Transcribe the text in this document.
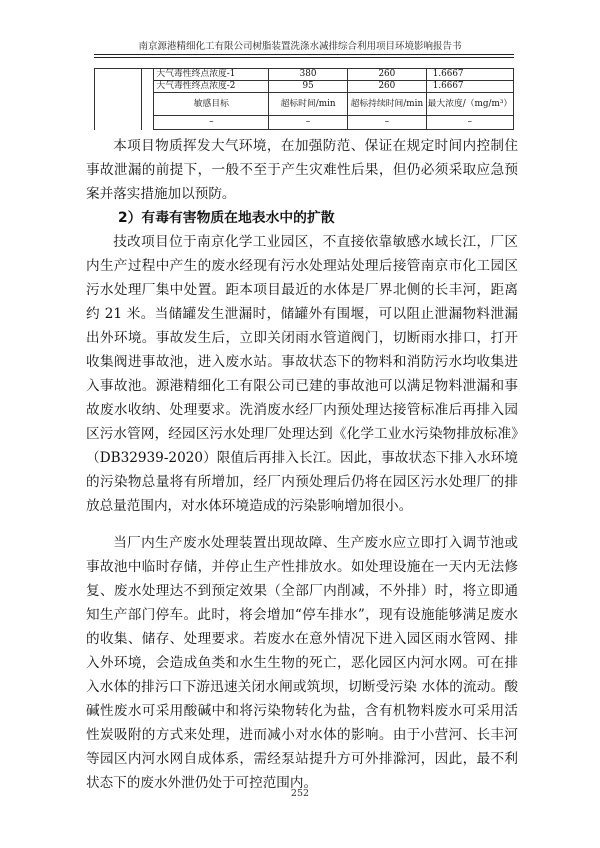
南京源港精细化工有限公司树脂装置洗涤水减排综合利用项目环境影响报告书
		大气毒性终点浓度-1	380	260	1.6667
		大气毒性终点浓度-2	95	260	1.6667
		敏感目标	超标时间/min	超标持续时间/min	最大浓度/（mg/m³）
		–	–	–	–

本项目物质挥发大气环境，在加强防范、保证在规定时间内控制住事故泄漏的前提下，一般不至于产生灾难性后果，但仍必须采取应急预案并落实措施加以预防。

2）有毒有害物质在地表水中的扩散

技改项目位于南京化学工业园区，不直接依靠敏感水域长江，厂区内生产过程中产生的废水经现有污水处理站处理后接管南京市化工园区污水处理厂集中处置。距本项目最近的水体是厂界北侧的长丰河，距离约 21 米。当储罐发生泄漏时，储罐外有围堰，可以阻止泄漏物料泄漏出外环境。事故发生后，立即关闭雨水管道阀门，切断雨水排口，打开收集阀进事故池，进入废水站。事故状态下的物料和消防污水均收集进入事故池。源港精细化工有限公司已建的事故池可以满足物料泄漏和事故废水收纳、处理要求。洗消废水经厂内预处理达接管标准后再排入园区污水管网，经园区污水处理厂处理达到《化学工业水污染物排放标准》（DB32939-2020）限值后再排入长江。因此，事故状态下排入水环境的污染物总量将有所增加，经厂内预处理后仍将在园区污水处理厂的排放总量范围内，对水体环境造成的污染影响增加很小。

当厂内生产废水处理装置出现故障、生产废水应立即打入调节池或事故池中临时存储，并停止生产性排放水。如处理设施在一天内无法修复、废水处理达不到预定效果（全部厂内削减，不外排）时，将立即通知生产部门停车。此时，将会增加“停车排水”，现有设施能够满足废水的收集、储存、处理要求。若废水在意外情况下进入园区雨水管网、排入外环境，会造成鱼类和水生生物的死亡，恶化园区内河水网。可在排入水体的排污口下游迅速关闭水闸或筑坝，切断受污染 水体的流动。酸碱性废水可采用酸碱中和将污染物转化为盐，含有机物料废水可采用活性炭吸附的方式来处理，进而减小对水体的影响。由于小营河、长丰河等园区内河水网自成体系，需经泵站提升方可外排滁河，因此，最不利状态下的废水外泄仍处于可控范围内。

252
